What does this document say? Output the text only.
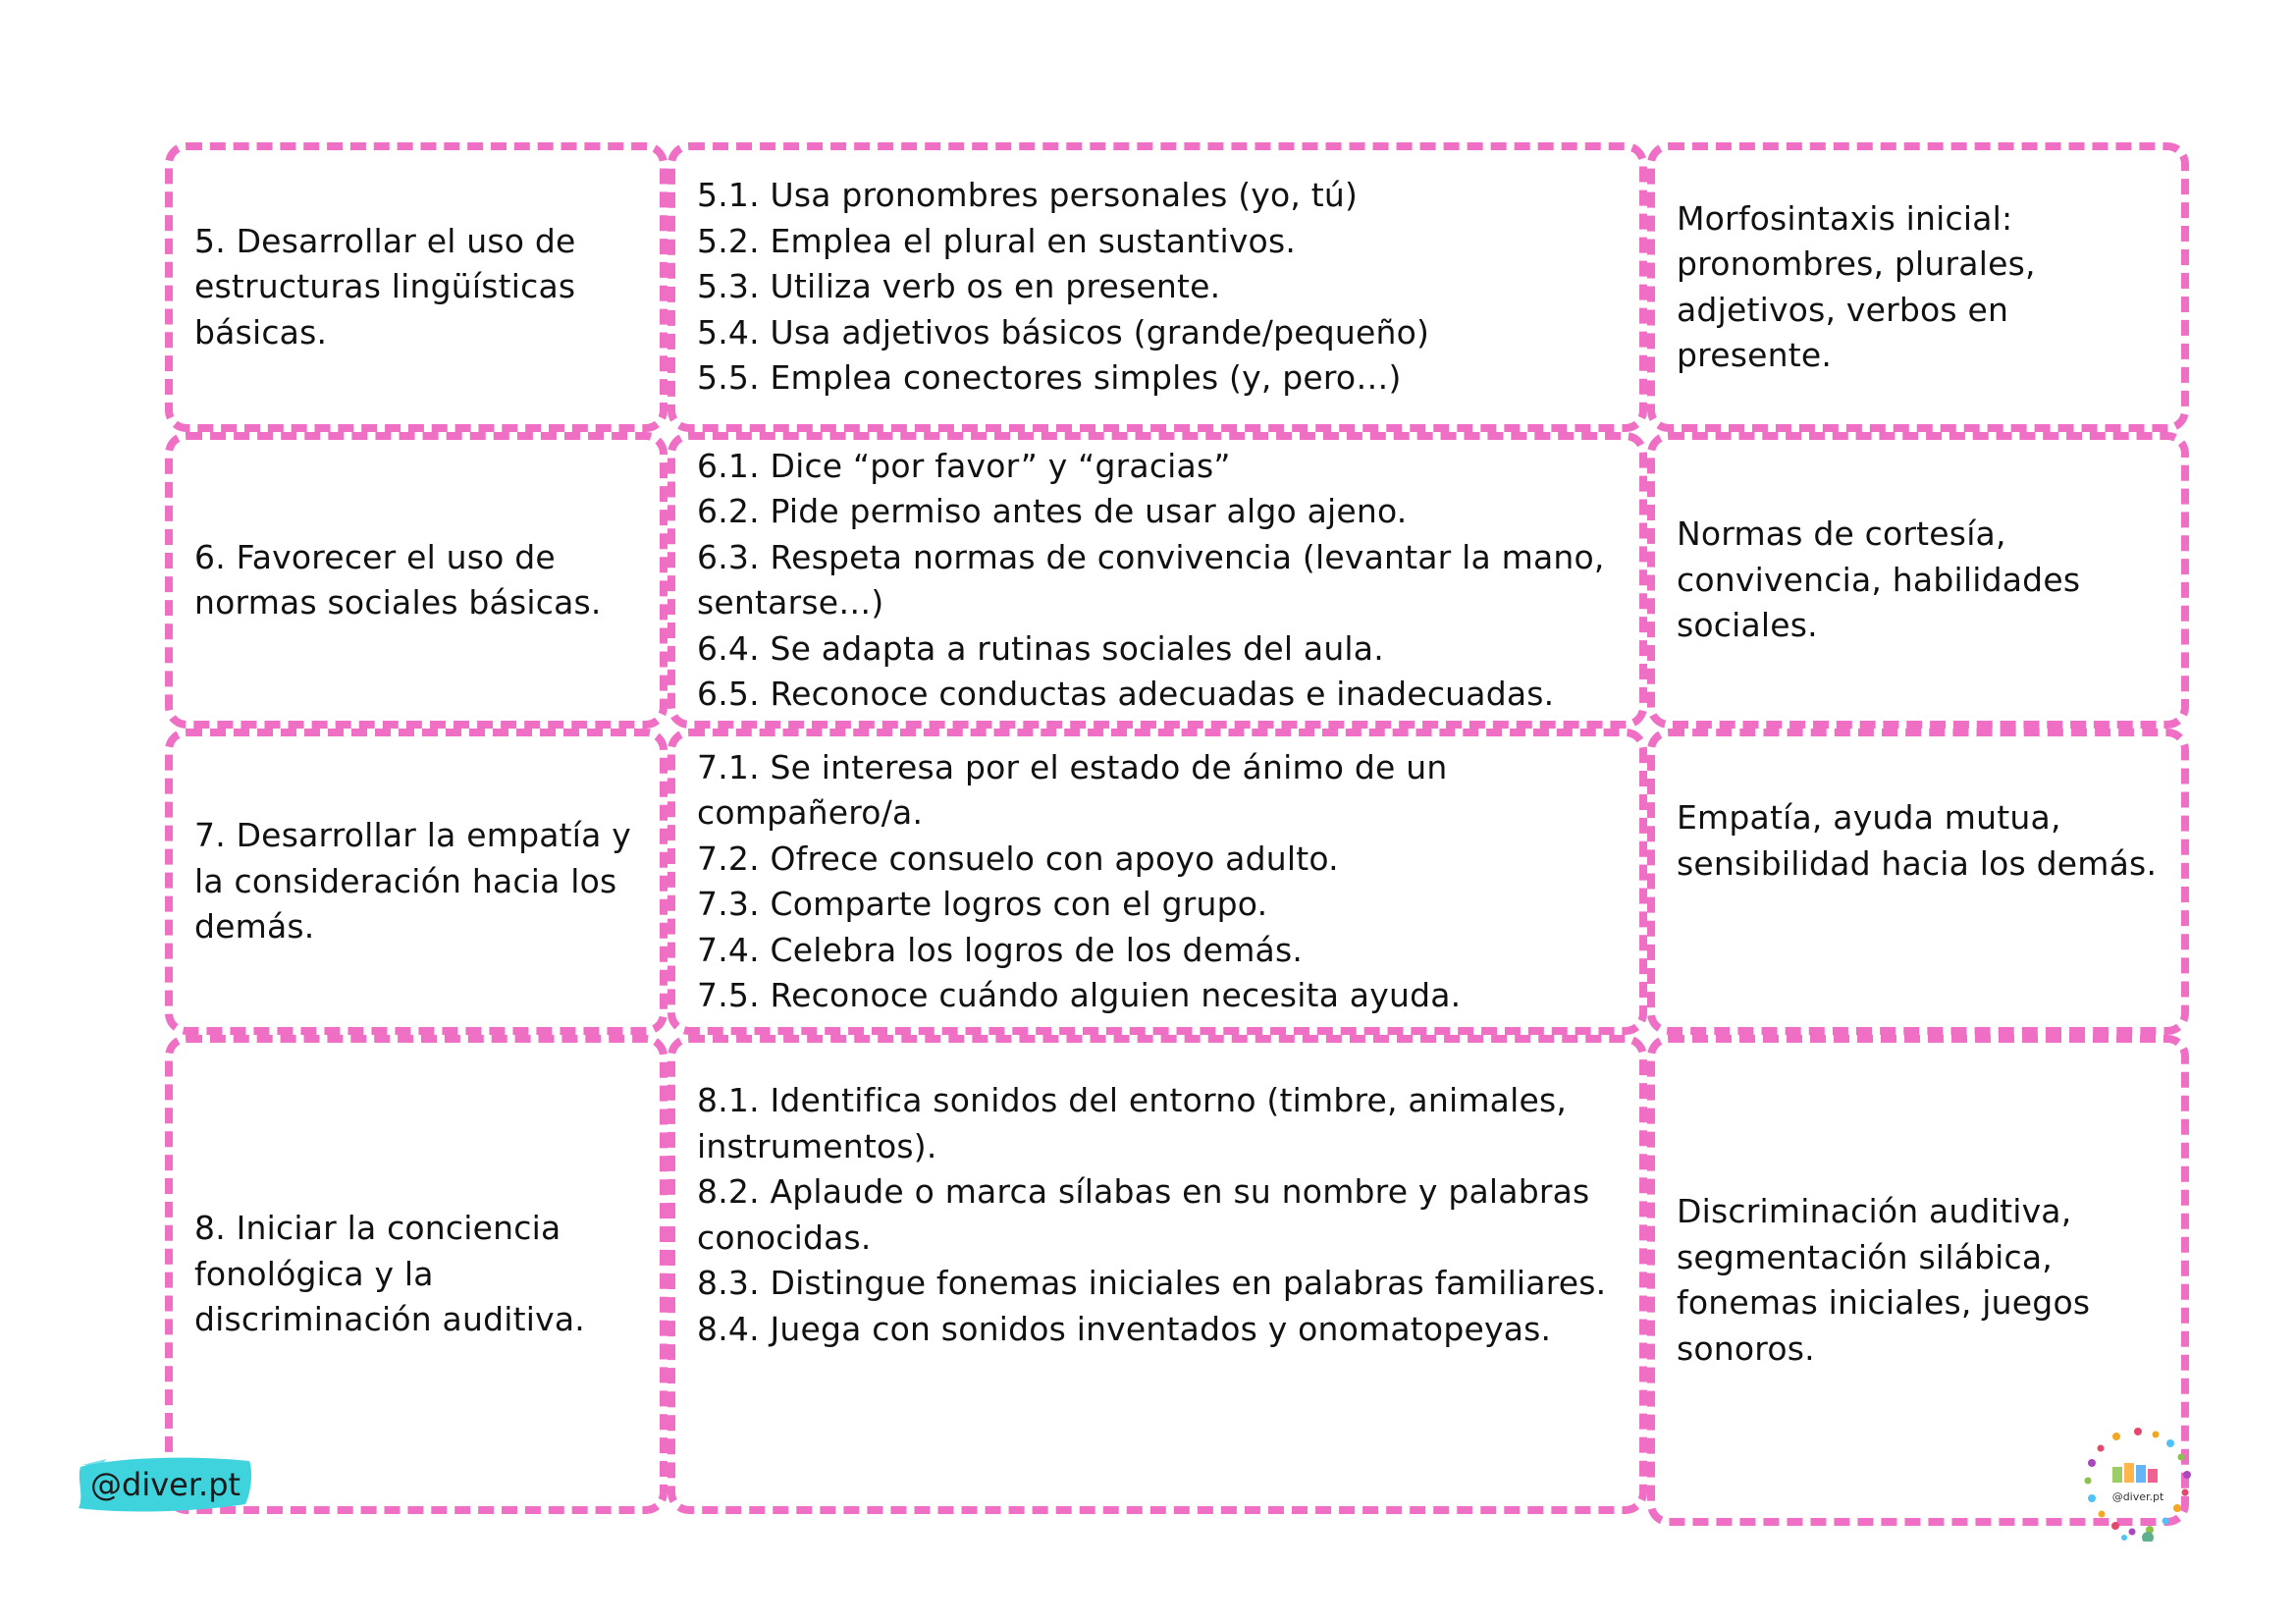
5. Desarrollar el uso de estructuras lingüísticas básicas.
5.1. Usa pronombres personales (yo, tú)
5.2. Emplea el plural en sustantivos.
5.3. Utiliza verb os en presente.
5.4. Usa adjetivos básicos (grande/pequeño)
5.5. Emplea conectores simples (y, pero…)
Morfosintaxis inicial: pronombres, plurales, adjetivos, verbos en presente.
6. Favorecer el uso de normas sociales básicas.
6.1. Dice “por favor” y “gracias”
6.2. Pide permiso antes de usar algo ajeno.
6.3. Respeta normas de convivencia (levantar la mano, sentarse…)
6.4. Se adapta a rutinas sociales del aula.
6.5. Reconoce conductas adecuadas e inadecuadas.
Normas de cortesía, convivencia, habilidades sociales.
7. Desarrollar la empatía y la consideración hacia los demás.
7.1. Se interesa por el estado de ánimo de un compañero/a.
7.2. Ofrece consuelo con apoyo adulto.
7.3. Comparte logros con el grupo.
7.4. Celebra los logros de los demás.
7.5. Reconoce cuándo alguien necesita ayuda.
Empatía, ayuda mutua, sensibilidad hacia los demás.
8. Iniciar la conciencia fonológica y la discriminación auditiva.
8.1. Identifica sonidos del entorno (timbre, animales, instrumentos).
8.2. Aplaude o marca sílabas en su nombre y palabras conocidas.
8.3. Distingue fonemas iniciales en palabras familiares.
8.4. Juega con sonidos inventados y onomatopeyas.
Discriminación auditiva, segmentación silábica, fonemas iniciales, juegos sonoros.
@diver.pt	@diver.pt
